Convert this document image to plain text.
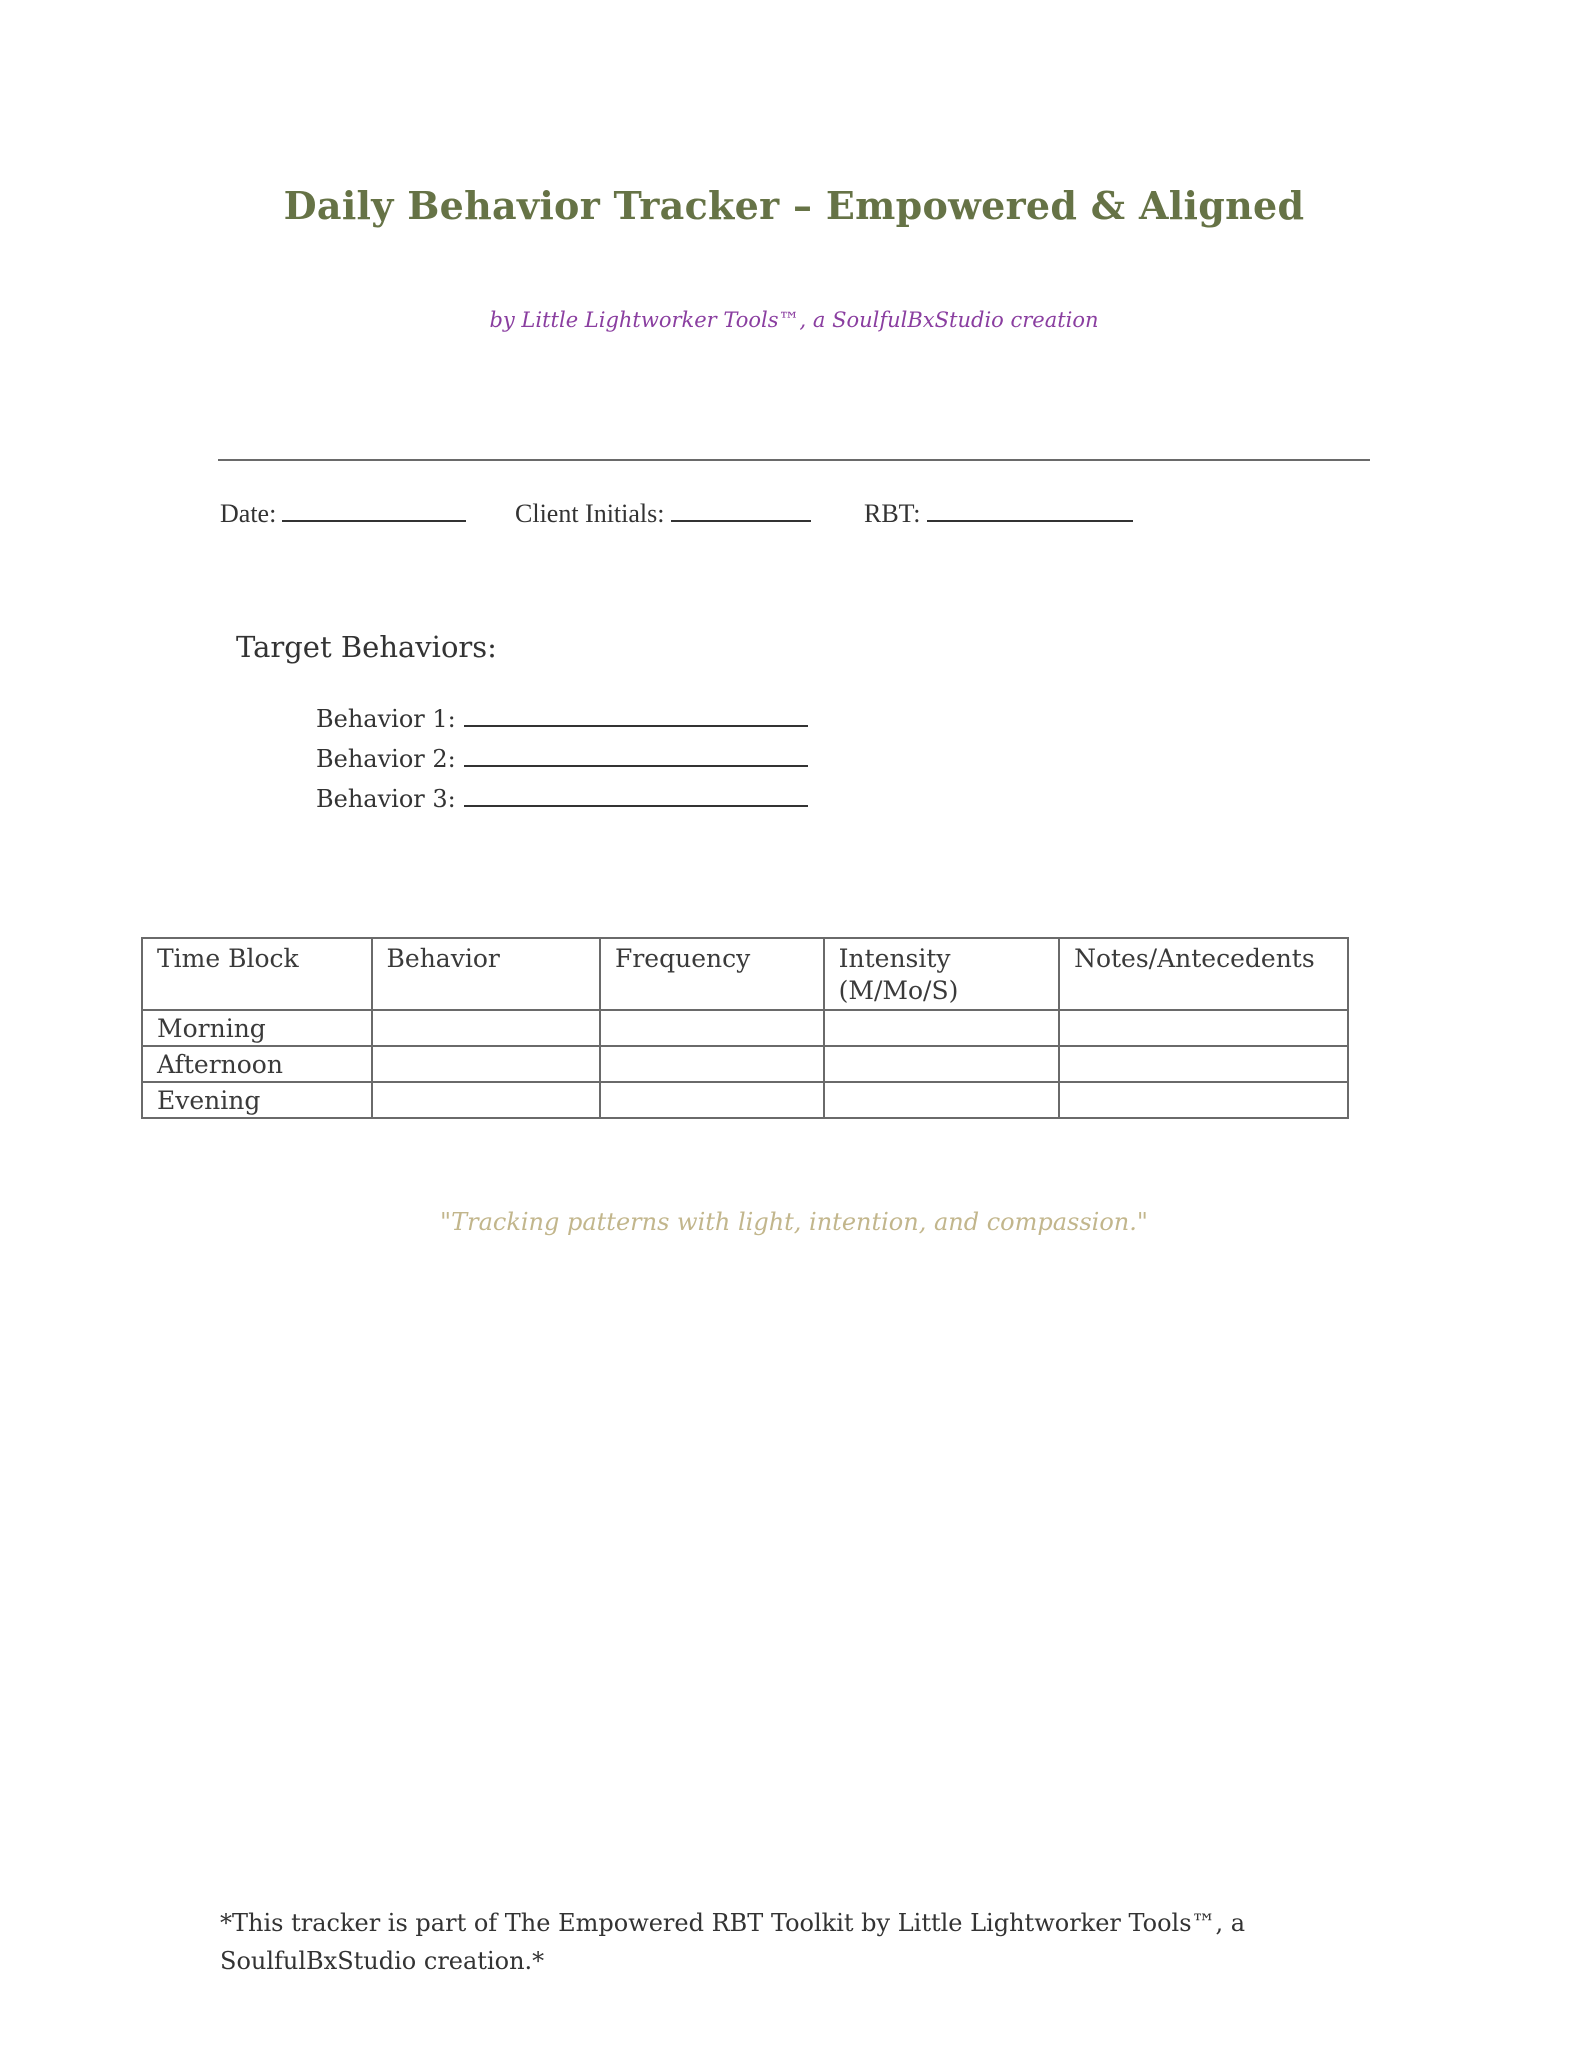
Daily Behavior Tracker – Empowered & Aligned
by Little Lightworker Tools™, a SoulfulBxStudio creation
Date:	Client Initials:	RBT:
Target Behaviors:
Behavior 1:
Behavior 2:
Behavior 3:
Time Block	Behavior	Frequency	Intensity (M/Mo/S)	Notes/Antecedents
Morning				
Afternoon				
Evening				
"Tracking patterns with light, intention, and compassion."
*This tracker is part of The Empowered RBT Toolkit by Little Lightworker Tools™, a SoulfulBxStudio creation.*
